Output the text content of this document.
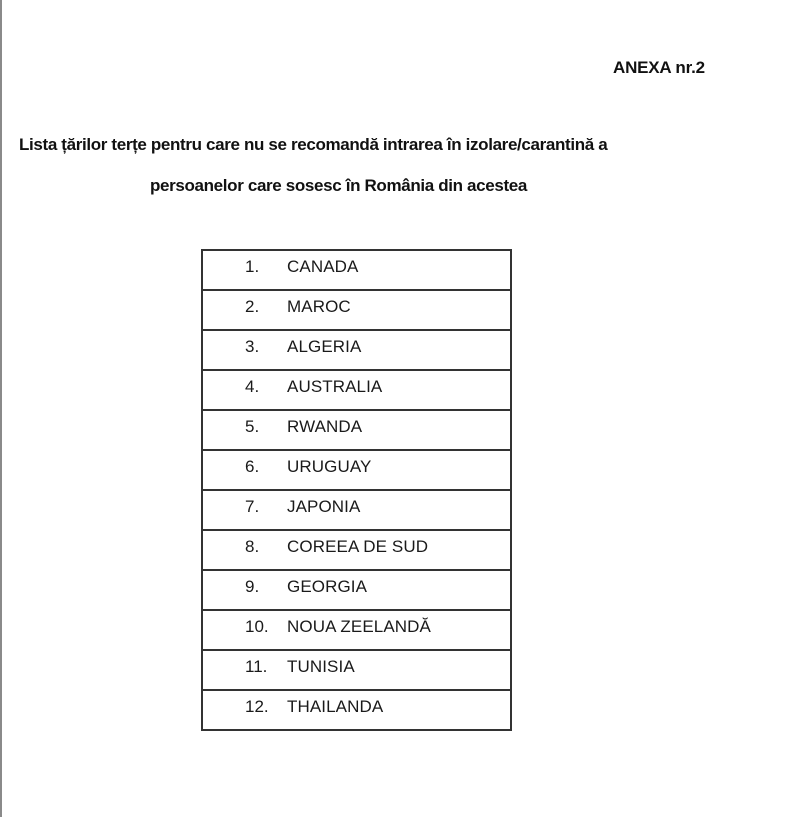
ANEXA nr.2
Lista țărilor terțe pentru care nu se recomandă intrarea în izolare/carantină a
persoanelor care sosesc în România din acestea
1. CANADA

2. MAROC

3. ALGERIA

4. AUSTRALIA

5. RWANDA

6. URUGUAY

7. JAPONIA

8. COREEA DE SUD

9. GEORGIA

10. NOUA ZEELANDĂ

11. TUNISIA

12. THAILANDA
